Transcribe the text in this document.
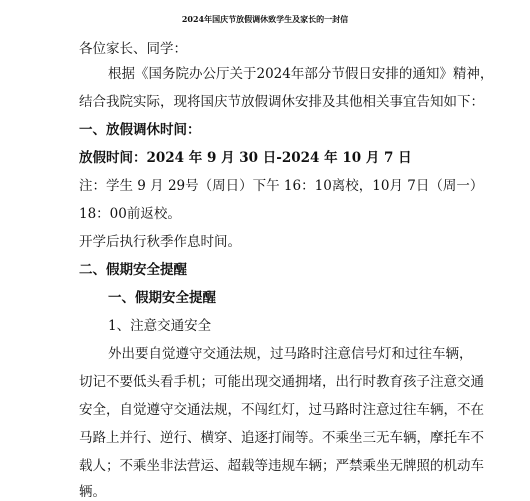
2024年国庆节放假调休致学生及家长的一封信
各位家长、同学：
根据《国务院办公厅关于2024年部分节假日安排的通知》精神，
结合我院实际，现将国庆节放假调休安排及其他相关事宜告知如下：
一、放假调休时间：
放假时间：2024 年 9 月 30 日-2024 年 10 月 7 日
注：学生 9 月 29号（周日）下午 16：10离校，10月 7日（周一）
18：00前返校。
开学后执行秋季作息时间。
二、假期安全提醒
一、假期安全提醒
1、注意交通安全
外出要自觉遵守交通法规，过马路时注意信号灯和过往车辆，
切记不要低头看手机；可能出现交通拥堵，出行时教育孩子注意交通
安全，自觉遵守交通法规，不闯红灯，过马路时注意过往车辆，不在
马路上并行、逆行、横穿、追逐打闹等。不乘坐三无车辆，摩托车不
载人；不乘坐非法营运、超载等违规车辆；严禁乘坐无牌照的机动车
辆。
